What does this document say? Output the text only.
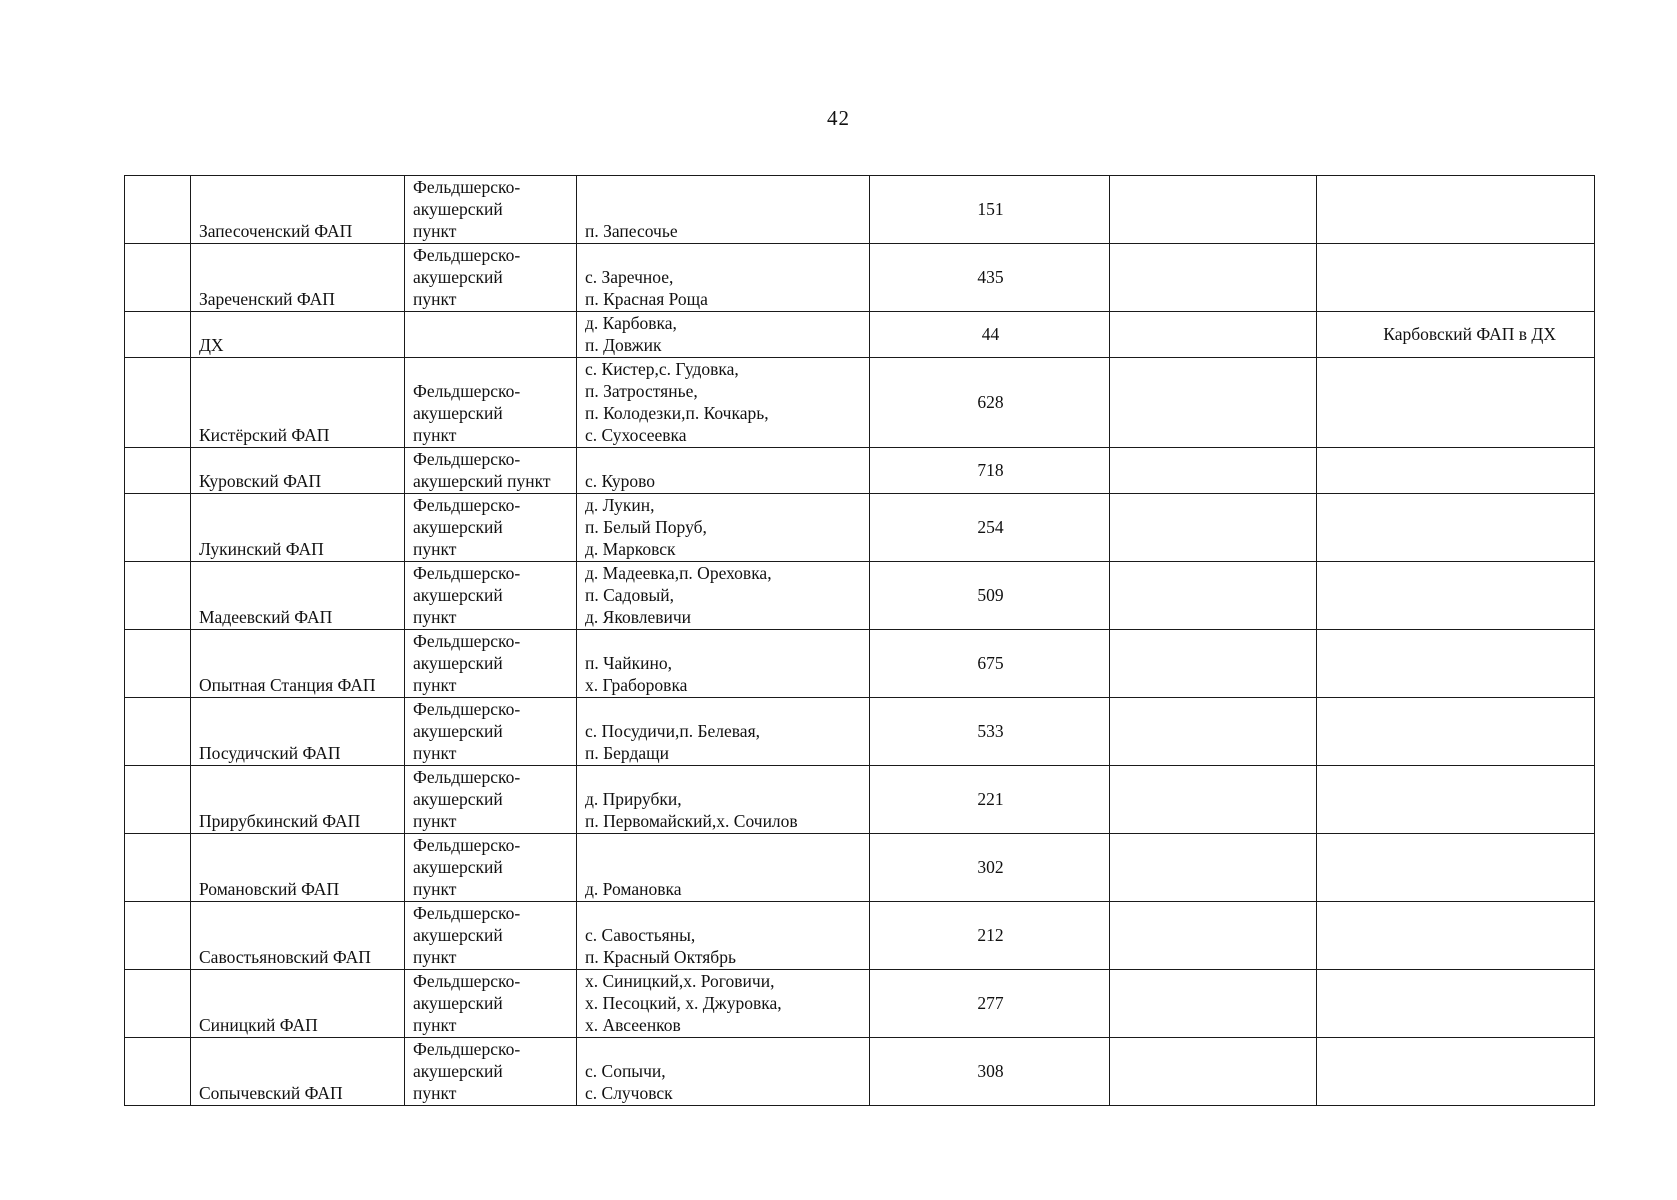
42
	Запесоченский ФАП	Фельдшерско-
акушерский
пункт	п. Запесочье	151		
	Зареченский ФАП	Фельдшерско-
акушерский
пункт	с. Заречное,
п. Красная Роща	435		
	ДХ		д. Карбовка,
п. Довжик	44		Карбовский ФАП в ДХ
	Кистёрский ФАП	Фельдшерско-
акушерский
пункт	с. Кистер,с. Гудовка,
п. Затростянье,
п. Колодезки,п. Кочкарь,
с. Сухосеевка	628		
	Куровский ФАП	Фельдшерско-
акушерский пункт	с. Курово	718		
	Лукинский ФАП	Фельдшерско-
акушерский
пункт	д. Лукин,
п. Белый Поруб,
д. Марковск	254		
	Мадеевский ФАП	Фельдшерско-
акушерский
пункт	д. Мадеевка,п. Ореховка,
п. Садовый,
д. Яковлевичи	509		
	Опытная Станция ФАП	Фельдшерско-
акушерский
пункт	п. Чайкино,
х. Граборовка	675		
	Посудичский ФАП	Фельдшерско-
акушерский
пункт	с. Посудичи,п. Белевая,
п. Бердащи	533		
	Прирубкинский ФАП	Фельдшерско-
акушерский
пункт	д. Прирубки,
п. Первомайский,х. Сочилов	221		
	Романовский ФАП	Фельдшерско-
акушерский
пункт	д. Романовка	302		
	Савостьяновский ФАП	Фельдшерско-
акушерский
пункт	с. Савостьяны,
п. Красный Октябрь	212		
	Синицкий ФАП	Фельдшерско-
акушерский
пункт	х. Синицкий,х. Роговичи,
х. Песоцкий, х. Джуровка,
х. Авсеенков	277		
	Сопычевский ФАП	Фельдшерско-
акушерский
пункт	с. Сопычи,
с. Случовск	308		
